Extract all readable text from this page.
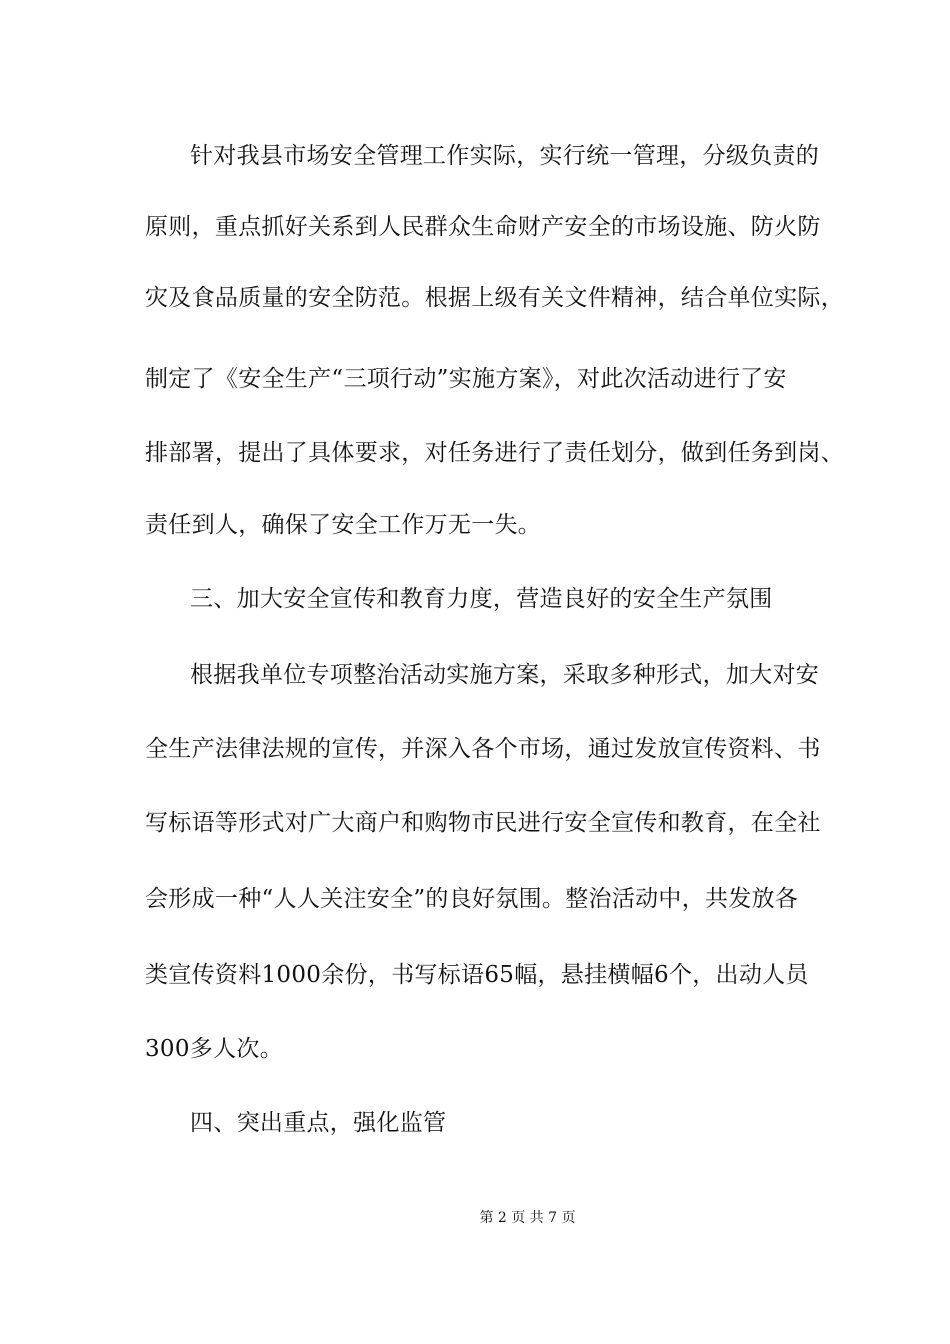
针对我县市场安全管理工作实际，实行统一管理，分级负责的
原则，重点抓好关系到人民群众生命财产安全的市场设施、防火防
灾及食品质量的安全防范。根据上级有关文件精神，结合单位实际，
制定了《安全生产“三项行动”实施方案》，对此次活动进行了安
排部署，提出了具体要求，对任务进行了责任划分，做到任务到岗、
责任到人，确保了安全工作万无一失。
三、加大安全宣传和教育力度，营造良好的安全生产氛围
根据我单位专项整治活动实施方案，采取多种形式，加大对安
全生产法律法规的宣传，并深入各个市场，通过发放宣传资料、书
写标语等形式对广大商户和购物市民进行安全宣传和教育，在全社
会形成一种“人人关注安全”的良好氛围。整治活动中，共发放各
类宣传资料1000余份，书写标语65幅，悬挂横幅6个，出动人员
300多人次。
四、突出重点，强化监管
第 2 页 共 7 页
